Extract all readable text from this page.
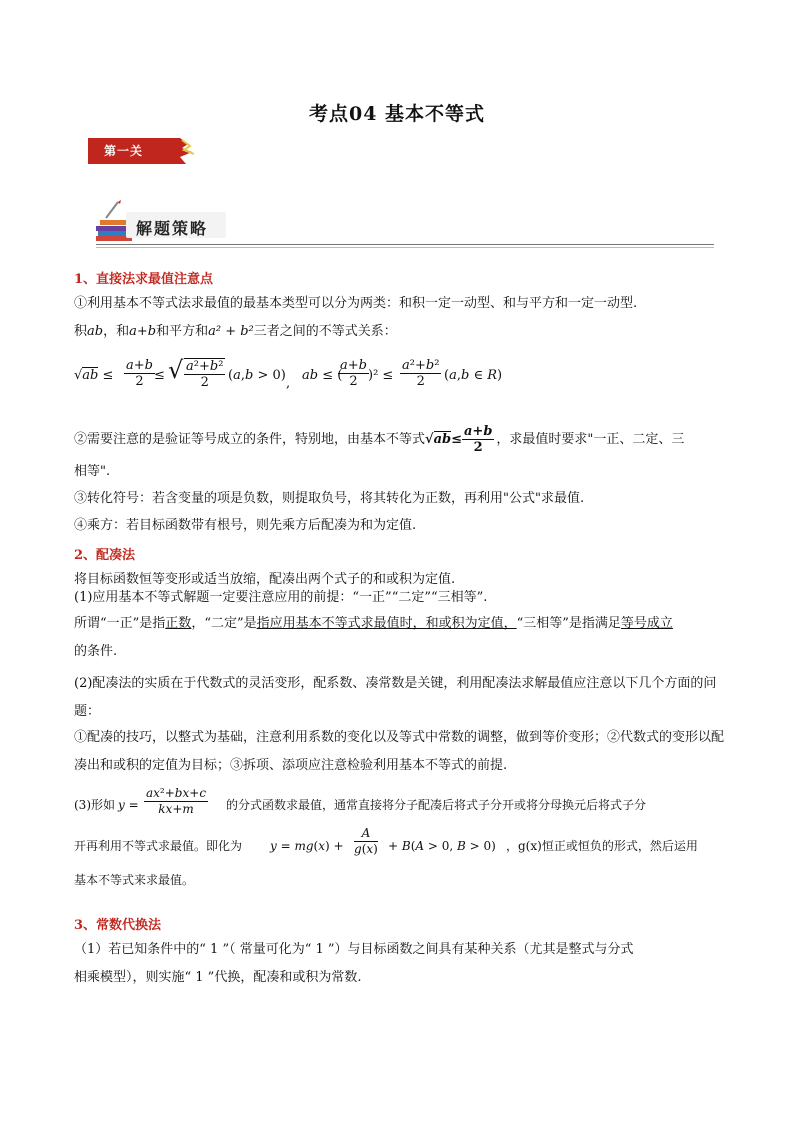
考点04 基本不等式
第一关
解题策略
1、直接法求最值注意点
①利用基本不等式法求最值的最基本类型可以分为两类：和积一定一动型、和与平方和一定一动型.
积ab，和a+b和平方和a² + b²三者之间的不等式关系：
$√ab \le \frac{a+b}{2}$ ≤ √ $\frac{\text{a²+b²}}{2} (a,b > 0)$
,
ab ≤ (
$\frac{a+b}{2} )^2 \le \frac{\text{a²+b²}}{2} (a,b$ ∈ R)
②需要注意的是验证等号成立的条件，特别地，由基本不等式$√ab\le \frac{a+b}{2}$ ，求最值时要求"一正、二定、三
相等".
③转化符号：若含变量的项是负数，则提取负号，将其转化为正数，再利用"公式"求最值.
④乘方：若目标函数带有根号，则先乘方后配凑为和为定值.
2、配凑法
将目标函数恒等变形或适当放缩，配凑出两个式子的和或积为定值.
(1)应用基本不等式解题一定要注意应用的前提：“一正”“二定”“三相等”.
所谓“一正”是指正数，“二定”是指应用基本不等式求最值时，和或积为定值，“三相等”是指满足等号成立
的条件.
(2)配凑法的实质在于代数式的灵活变形，配系数、凑常数是关键，利用配凑法求解最值应注意以下几个方面的问题：
①配凑的技巧，以整式为基础，注意利用系数的变化以及等式中常数的调整，做到等价变形；②代数式的变形以配凑出和或积的定值为目标；③拆项、添项应注意检验利用基本不等式的前提.
(3)形如 $y = \frac{\text{ax²+bx+c}}{kx+m}$ 的分式函数求最值，通常直接将分子配凑后将式子分开或将分母换元后将式子分
开再利用不等式求最值。即化为 $y = mg(x) + \frac{A}{g(x)} + B(A > 0$, B > 0) ，g(x)恒正或恒负的形式，然后运用
基本不等式来求最值。
3、常数代换法
（1）若已知条件中的“ 1 ”（ 常量可化为“ 1 ”）与目标函数之间具有某种关系（尤其是整式与分式
相乘模型），则实施“ 1 ”代换，配凑和或积为常数.
